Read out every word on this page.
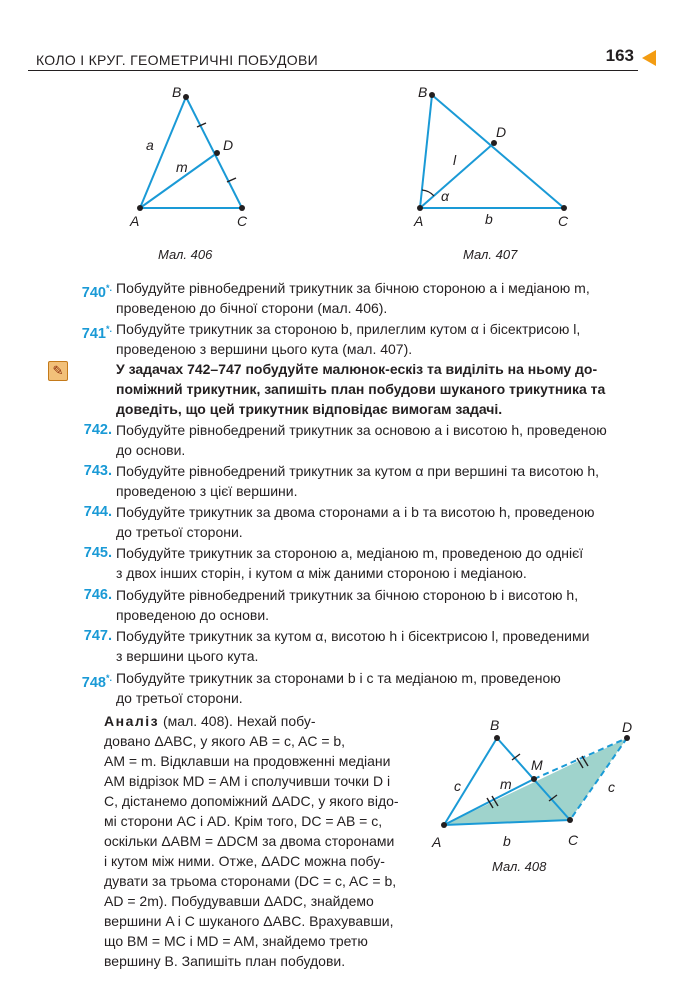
КОЛО І КРУГ. ГЕОМЕТРИЧНІ ПОБУДОВИ	163
B
D
A	C
a
m
Мал. 406
B
D
A	C
l
α
b
Мал. 407
740*. Побудуйте рівнобедрений трикутник за бічною стороною a і медіаною m,
проведеною до бічної сторони (мал. 406).
741*. Побудуйте трикутник за стороною b, прилеглим кутом α і бісектрисою l,
проведеною з вершини цього кута (мал. 407).
✎	У задачах 742–747 побудуйте малюнок-ескіз та виділіть на ньому до-
поміжний трикутник, запишіть план побудови шуканого трикутника та
доведіть, що цей трикутник відповідає вимогам задачі.
742. Побудуйте рівнобедрений трикутник за основою a і висотою h, проведеною
до основи.
743. Побудуйте рівнобедрений трикутник за кутом α при вершині та висотою h,
проведеною з цієї вершини.
744. Побудуйте трикутник за двома сторонами a і b та висотою h, проведеною
до третьої сторони.
745. Побудуйте трикутник за стороною a, медіаною m, проведеною до однієї
з двох інших сторін, і кутом α між даними стороною і медіаною.
746. Побудуйте рівнобедрений трикутник за бічною стороною b і висотою h,
проведеною до основи.
747. Побудуйте трикутник за кутом α, висотою h і бісектрисою l, проведеними
з вершини цього кута.
748*. Побудуйте трикутник за сторонами b і c та медіаною m, проведеною
до третьої сторони.
Аналіз (мал. 408). Нехай побу-
довано ΔABC, у якого AB = c, AC = b,
AM = m. Відклавши на продовженні медіани
AM відрізок MD = AM і сполучивши точки D і
C, дістанемо допоміжний ΔADC, у якого відо-
мі сторони AC і AD. Крім того, DC = AB = c,
оскільки ΔABM = ΔDCM за двома сторонами
і кутом між ними. Отже, ΔADC можна побу-
дувати за трьома сторонами (DC = c, AC = b,
AD = 2m). Побудувавши ΔADC, знайдемо
вершини A і C шуканого ΔABC. Врахувавши,
що BM = MC і MD = AM, знайдемо третю
вершину B. Запишіть план побудови.
B	D
M
A	C
c	c
m
b
Мал. 408
